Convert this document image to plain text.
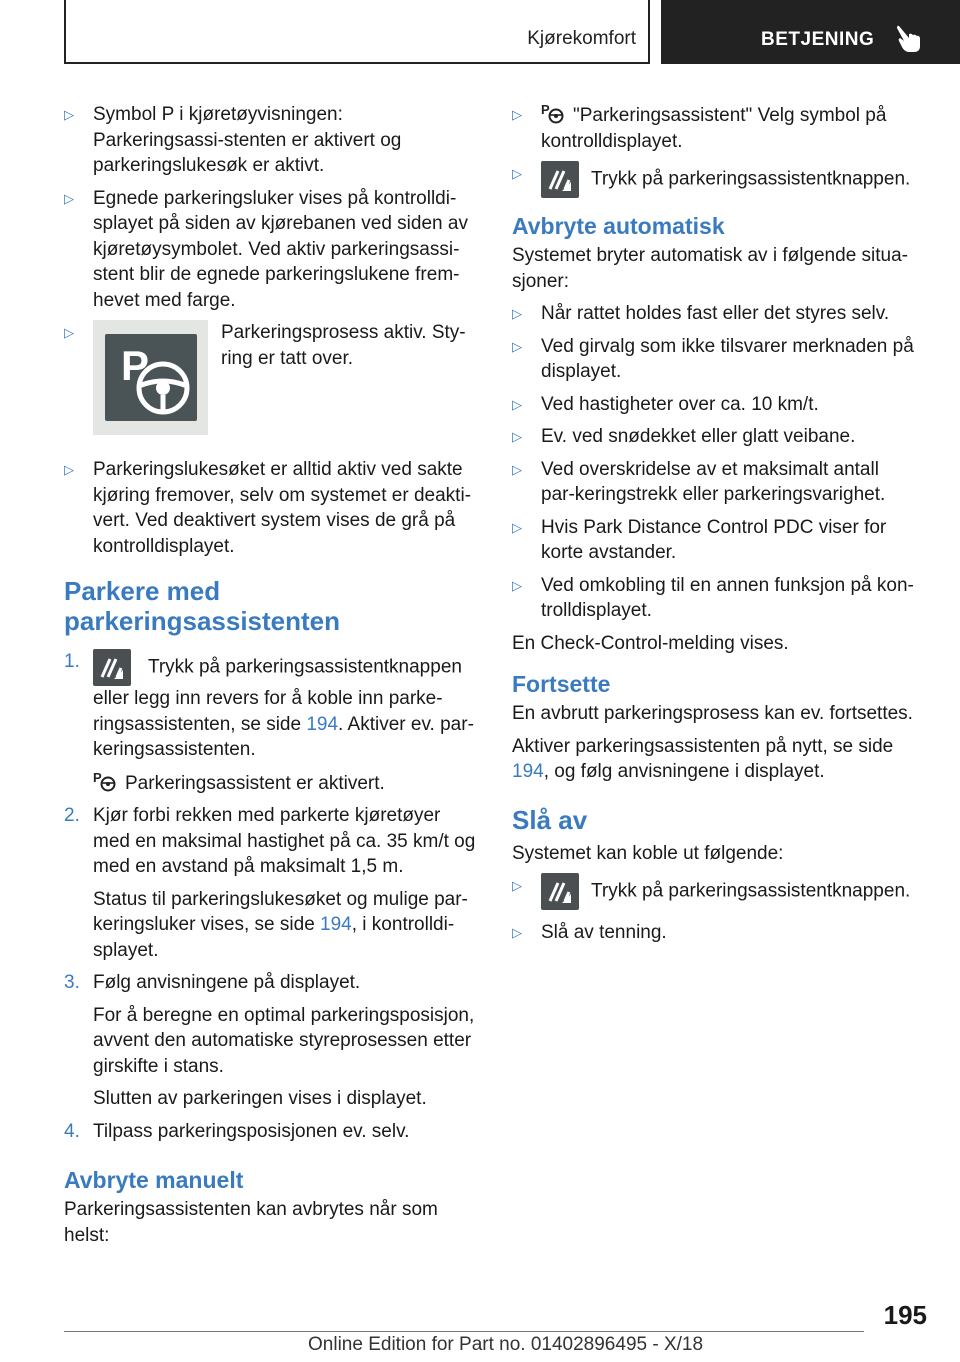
Kjørekomfort	BETJENING
▷ Symbol P i kjøretøyvisningen: Parkeringsassi-stenten er aktivert og parkeringslukesøk er aktivt.
▷ Egnede parkeringsluker vises på kontrolldi-splayet på siden av kjørebanen ved siden av kjøretøysymbolet. Ved aktiv parkeringsassi-stent blir de egnede parkeringslukene frem-hevet med farge.
▷
P
Parkeringsprosess aktiv. Sty-ring er tatt over.
▷ Parkeringslukesøket er alltid aktiv ved sakte kjøring fremover, selv om systemet er deakti-vert. Ved deaktivert system vises de grå på kontrolldisplayet.
Parkere med parkeringsassistenten
1.	Trykk på parkeringsassistentknappen eller legg inn revers for å koble inn parke-ringsassistenten, se side 194. Aktiver ev. par-keringsassistenten.
P Parkeringsassistent er aktivert.
2. Kjør forbi rekken med parkerte kjøretøyer med en maksimal hastighet på ca. 35 km/t og med en avstand på maksimalt 1,5 m.
Status til parkeringslukesøket og mulige par-keringsluker vises, se side 194, i kontrolldi-splayet.
3. Følg anvisningene på displayet.
For å beregne en optimal parkeringsposisjon, avvent den automatiske styreprosessen etter girskifte i stans.
Slutten av parkeringen vises i displayet.
4. Tilpass parkeringsposisjonen ev. selv.
Avbryte manuelt
Parkeringsassistenten kan avbrytes når som helst:
▷ P "Parkeringsassistent" Velg symbol på kontrolldisplayet.
▷	Trykk på parkeringsassistentknappen.
Avbryte automatisk
Systemet bryter automatisk av i følgende situa-sjoner:
▷ Når rattet holdes fast eller det styres selv.
▷ Ved girvalg som ikke tilsvarer merknaden på displayet.
▷ Ved hastigheter over ca. 10 km/t.
▷ Ev. ved snødekket eller glatt veibane.
▷ Ved overskridelse av et maksimalt antall par-keringstrekk eller parkeringsvarighet.
▷ Hvis Park Distance Control PDC viser for korte avstander.
▷ Ved omkobling til en annen funksjon på kon-trolldisplayet.
En Check-Control-melding vises.
Fortsette
En avbrutt parkeringsprosess kan ev. fortsettes.
Aktiver parkeringsassistenten på nytt, se side 194, og følg anvisningene i displayet.
Slå av
Systemet kan koble ut følgende:
▷	Trykk på parkeringsassistentknappen.
▷ Slå av tenning.
195
Online Edition for Part no. 01402896495 - X/18
